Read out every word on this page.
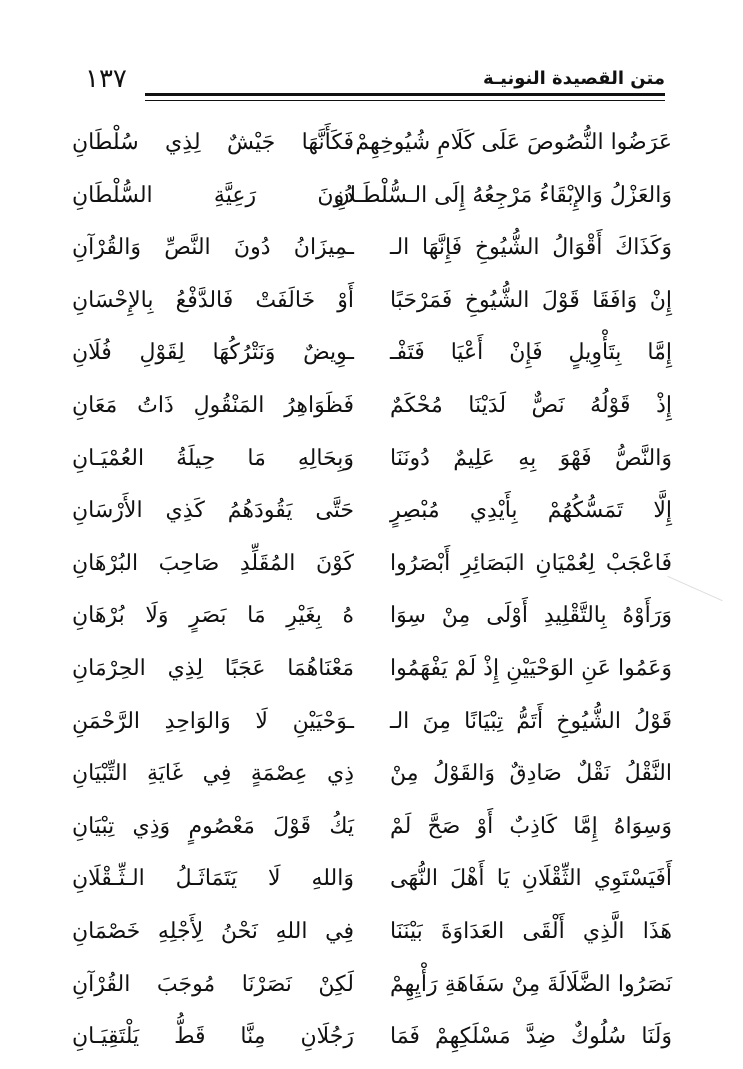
متن القصيدة النونيـة
١٣٧
عَرَضُوا النُّصُوصَ عَلَى كَلَامِ شُيُوخِهِمْ
فَكَأَنَّهَا جَيْشٌ لِذِي سُلْطَانِ
وَالعَزْلُ وَالإِبْقَاءُ مَرْجِعُهُ إِلَى الـسُّلْطَـانِ
دُونَ رَعِيَّةِ السُّلْطَانِ
وَكَذَاكَ أَقْوَالُ الشُّيُوخِ فَإِنَّهَا الـ
ـمِيزَانُ دُونَ النَّصِّ وَالقُرْآنِ
إِنْ وَافَقَا قَوْلَ الشُّيُوخِ فَمَرْحَبًا
أَوْ خَالَفَتْ فَالدَّفْعُ بِالإِحْسَانِ
إِمَّا بِتَأْوِيلٍ فَإِنْ أَعْيَا فَتَفْـ
ـوِيضٌ وَنَتْرُكُهَا لِقَوْلِ فُلَانِ
إِذْ قَوْلُهُ نَصٌّ لَدَيْنَا مُحْكَمٌ
فَظَوَاهِرُ المَنْقُولِ ذَاتُ مَعَانِ
وَالنَّصُّ فَهْوَ بِهِ عَلِيمٌ دُونَنَا
وَبِحَالِهِ مَا حِيلَةُ العُمْيَـانِ
إِلَّا تَمَسُّكُهُمْ بِأَيْدِي مُبْصِرٍ
حَتَّى يَقُودَهُمُ كَذِي الأَرْسَانِ
فَاعْجَبْ لِعُمْيَانِ البَصَائِرِ أَبْصَرُوا
كَوْنَ المُقَلِّدِ صَاحِبَ البُرْهَانِ
وَرَأَوْهُ بِالتَّقْلِيدِ أَوْلَى مِنْ سِوَا
هُ بِغَيْرِ مَا بَصَرٍ وَلَا بُرْهَانِ
وَعَمُوا عَنِ الوَحْيَيْنِ إِذْ لَمْ يَفْهَمُوا
مَعْنَاهُمَا عَجَبًا لِذِي الحِرْمَانِ
قَوْلُ الشُّيُوخِ أَتَمُّ تِبْيَانًا مِنَ الـ
ـوَحْيَيْنِ لَا وَالوَاحِدِ الرَّحْمَنِ
النَّقْلُ نَقْلٌ صَادِقٌ وَالقَوْلُ مِنْ
ذِي عِصْمَةٍ فِي غَايَةِ التِّبْيَانِ
وَسِوَاهُ إِمَّا كَاذِبٌ أَوْ صَحَّ لَمْ
يَكُ قَوْلَ مَعْصُومٍ وَذِي تِبْيَانِ
أَفَيَسْتَوِي الثِّقْلَانِ يَا أَهْلَ النُّهَى
وَاللهِ لَا يَتَمَاثَـلُ الـثِّـقْلَانِ
هَذَا الَّذِي أَلْقَى العَدَاوَةَ بَيْنَنَا
فِي اللهِ نَحْنُ لِأَجْلِهِ خَصْمَانِ
نَصَرُوا الضَّلَالَةَ مِنْ سَفَاهَةِ رَأْيِهِمْ
لَكِنْ نَصَرْنَا مُوجَبَ القُرْآنِ
وَلَنَا سُلُوكٌ ضِدَّ مَسْلَكِهِمْ فَمَا
رَجُلَانِ مِنَّا قَطُّ يَلْتَقِيَـانِ
